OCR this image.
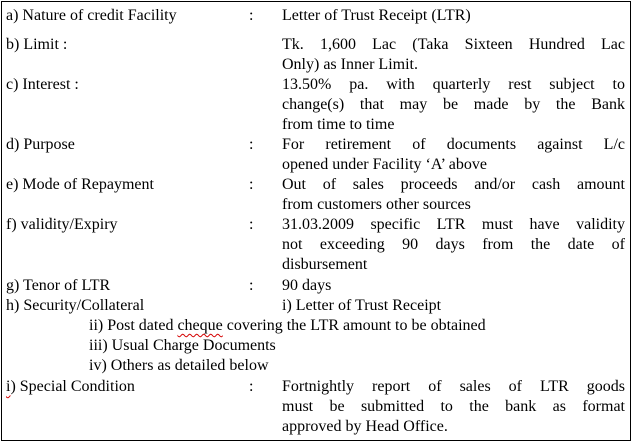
a) Nature of credit Facility	: Letter of Trust Receipt (LTR)
b) Limit :	Tk. 1,600 Lac (Taka Sixteen Hundred Lac
Only) as Inner Limit.
c) Interest :	13.50% pa. with quarterly rest subject to
change(s) that may be made by the Bank
from time to time
d) Purpose	: For retirement of documents against L/c
opened under Facility ‘A’ above
e) Mode of Repayment	: Out of sales proceeds and/or cash amount
from customers other sources
f) validity/Expiry	: 31.03.2009 specific LTR must have validity
not exceeding 90 days from the date of
disbursement
g) Tenor of LTR	: 90 days
h) Security/Collateral	i) Letter of Trust Receipt
ii) Post dated cheque covering the LTR amount to be obtained
iii) Usual Charge Documents
iv) Others as detailed below
i) Special Condition	: Fortnightly report of sales of LTR goods
must be submitted to the bank as format
approved by Head Office.
